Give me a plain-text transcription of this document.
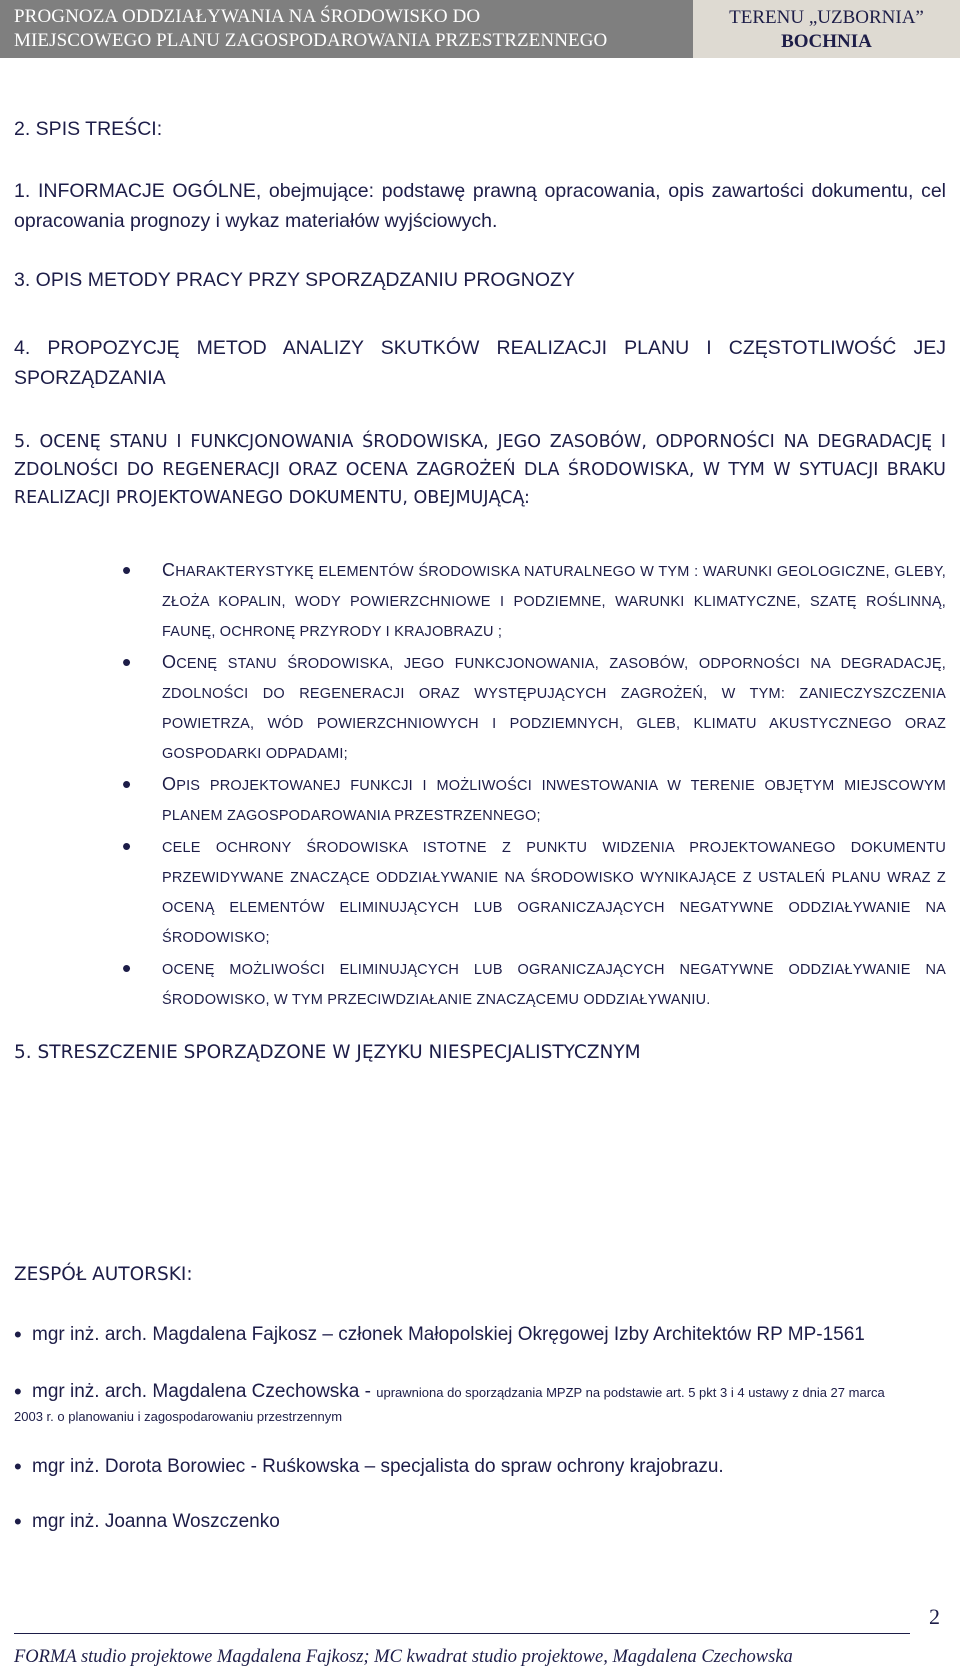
PROGNOZA ODDZIAŁYWANIA NA ŚRODOWISKO DO
MIEJSCOWEGO PLANU ZAGOSPODAROWANIA PRZESTRZENNEGO
TERENU „UZBORNIA”
BOCHNIA
2. SPIS TREŚCI:
1. INFORMACJE OGÓLNE, obejmujące: podstawę prawną opracowania, opis zawartości dokumentu, cel opracowania prognozy i wykaz materiałów wyjściowych.
3. OPIS METODY PRACY PRZY SPORZĄDZANIU PROGNOZY
4. PROPOZYCJĘ METOD ANALIZY SKUTKÓW REALIZACJI PLANU I CZĘSTOTLIWOŚĆ JEJ SPORZĄDZANIA
5. OCENĘ STANU I FUNKCJONOWANIA ŚRODOWISKA, JEGO ZASOBÓW, ODPORNOŚCI NA DEGRADACJĘ I ZDOLNOŚCI DO REGENERACJI ORAZ OCENA ZAGROŻEŃ DLA ŚRODOWISKA, W TYM W SYTUACJI BRAKU REALIZACJI PROJEKTOWANEGO DOKUMENTU, OBEJMUJĄCĄ:
• CHARAKTERYSTYKĘ ELEMENTÓW ŚRODOWISKA NATURALNEGO W TYM : WARUNKI GEOLOGICZNE, GLEBY, ZŁOŻA KOPALIN, WODY POWIERZCHNIOWE I PODZIEMNE, WARUNKI KLIMATYCZNE, SZATĘ ROŚLINNĄ, FAUNĘ, OCHRONĘ PRZYRODY I KRAJOBRAZU ;
• OCENĘ STANU ŚRODOWISKA, JEGO FUNKCJONOWANIA, ZASOBÓW, ODPORNOŚCI NA DEGRADACJĘ, ZDOLNOŚCI DO REGENERACJI ORAZ WYSTĘPUJĄCYCH ZAGROŻEŃ, W TYM: ZANIECZYSZCZENIA POWIETRZA, WÓD POWIERZCHNIOWYCH I PODZIEMNYCH, GLEB, KLIMATU AKUSTYCZNEGO ORAZ GOSPODARKI ODPADAMI;
• OPIS PROJEKTOWANEJ FUNKCJI I MOŻLIWOŚCI INWESTOWANIA W TERENIE OBJĘTYM MIEJSCOWYM PLANEM ZAGOSPODAROWANIA PRZESTRZENNEGO;
• CELE OCHRONY ŚRODOWISKA ISTOTNE Z PUNKTU WIDZENIA PROJEKTOWANEGO DOKUMENTU PRZEWIDYWANE ZNACZĄCE ODDZIAŁYWANIE NA ŚRODOWISKO WYNIKAJĄCE Z USTALEŃ PLANU WRAZ Z OCENĄ ELEMENTÓW ELIMINUJĄCYCH LUB OGRANICZAJĄCYCH NEGATYWNE ODDZIAŁYWANIE NA ŚRODOWISKO;
• OCENĘ MOŻLIWOŚCI ELIMINUJĄCYCH LUB OGRANICZAJĄCYCH NEGATYWNE ODDZIAŁYWANIE NA ŚRODOWISKO, W TYM PRZECIWDZIAŁANIE ZNACZĄCEMU ODDZIAŁYWANIU.
5. STRESZCZENIE SPORZĄDZONE W JĘZYKU NIESPECJALISTYCZNYM
ZESPÓŁ AUTORSKI:
• mgr inż. arch. Magdalena Fajkosz – członek Małopolskiej Okręgowej Izby Architektów RP MP-1561
• mgr inż. arch. Magdalena Czechowska - uprawniona do sporządzania MPZP na podstawie art. 5 pkt 3 i 4 ustawy z dnia 27 marca
2003 r. o planowaniu i zagospodarowaniu przestrzennym
• mgr inż. Dorota Borowiec - Ruśkowska – specjalista do spraw ochrony krajobrazu.
• mgr inż. Joanna Woszczenko
2
FORMA studio projektowe Magdalena Fajkosz; MC kwadrat studio projektowe, Magdalena Czechowska
